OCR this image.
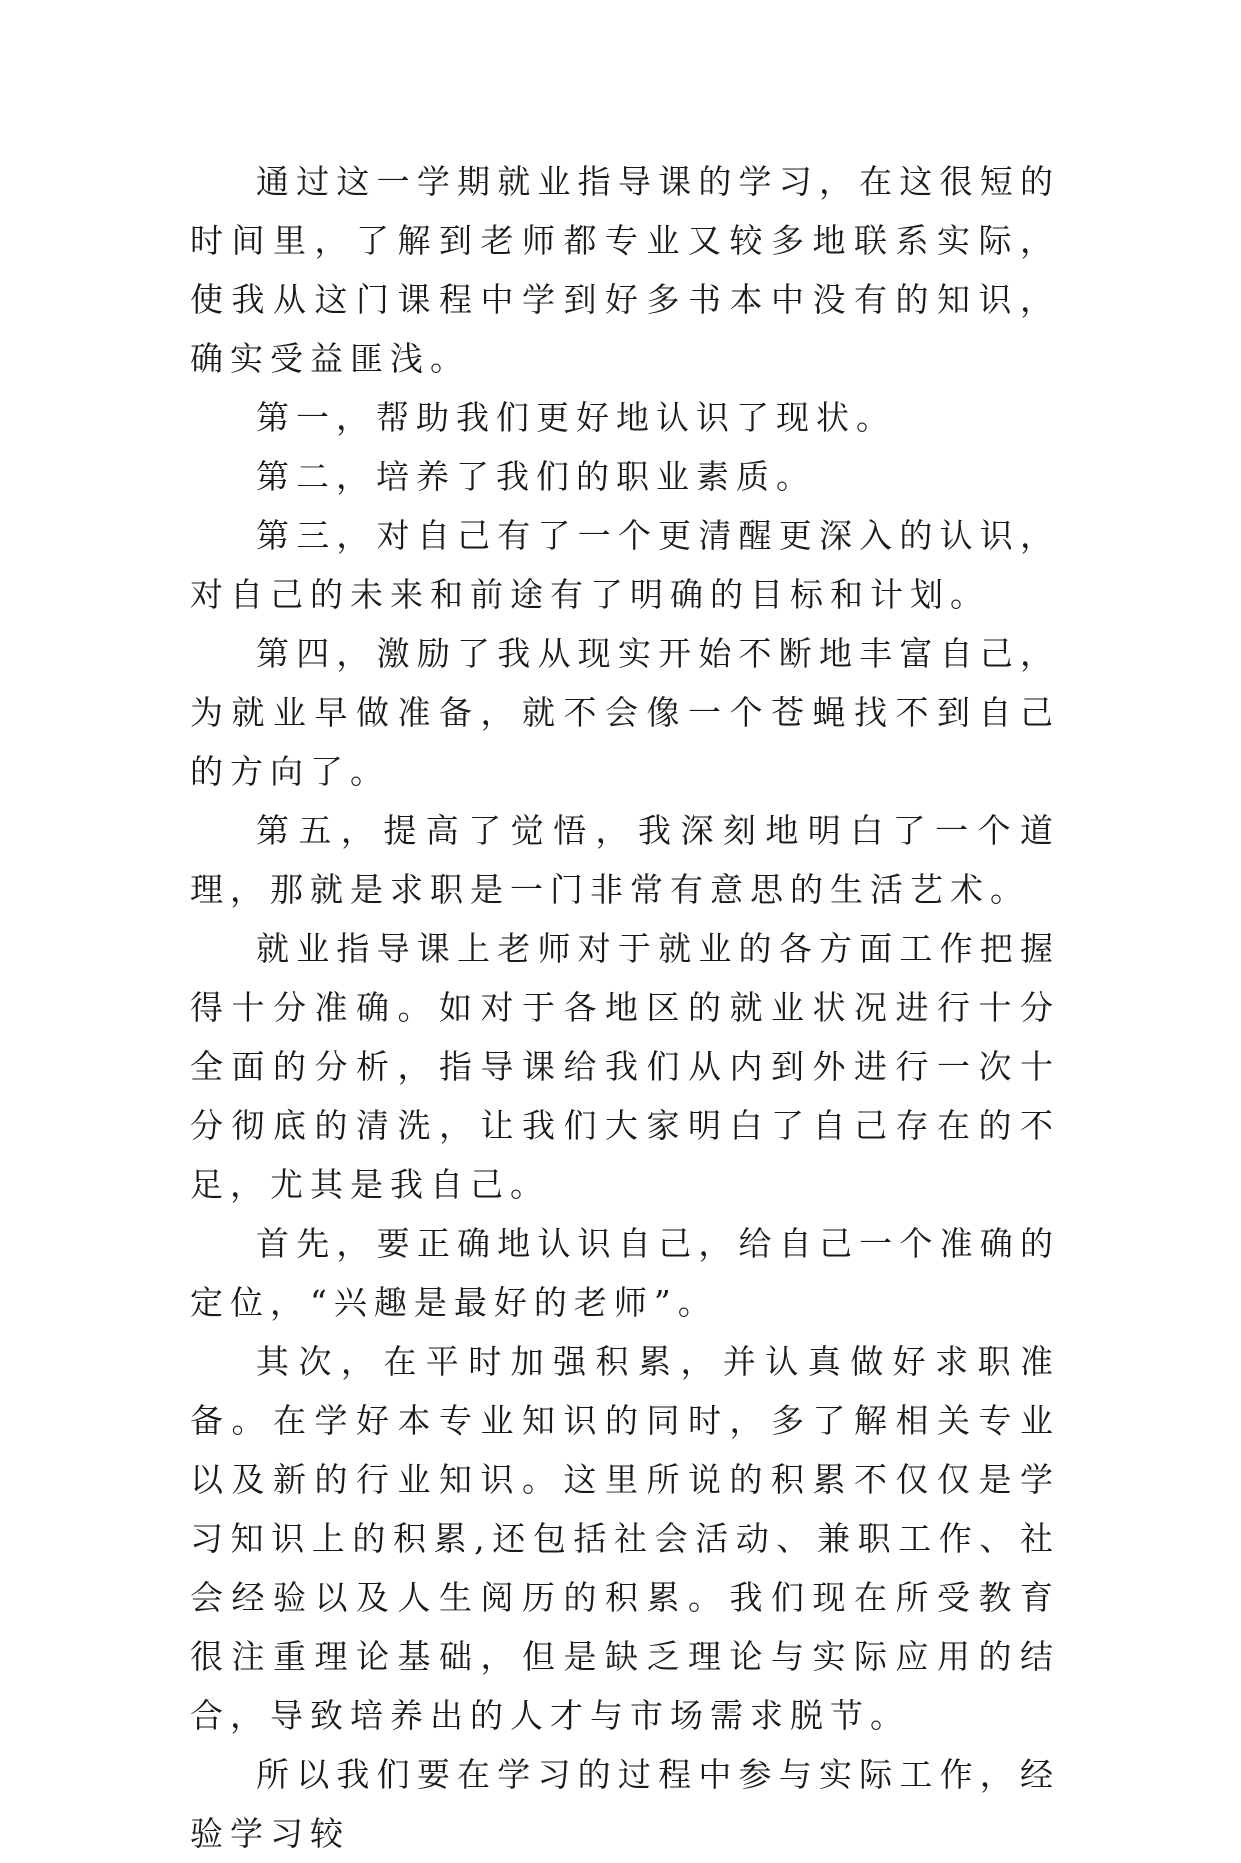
通过这一学期就业指导课的学习，在这很短的时间里，了解到老师都专业又较多地联系实际，使我从这门课程中学到好多书本中没有的知识，确实受益匪浅。

第一，帮助我们更好地认识了现状。

第二，培养了我们的职业素质。

第三，对自己有了一个更清醒更深入的认识，对自己的未来和前途有了明确的目标和计划。

第四，激励了我从现实开始不断地丰富自己，为就业早做准备，就不会像一个苍蝇找不到自己的方向了。

第五，提高了觉悟，我深刻地明白了一个道理，那就是求职是一门非常有意思的生活艺术。

就业指导课上老师对于就业的各方面工作把握得十分准确。如对于各地区的就业状况进行十分全面的分析，指导课给我们从内到外进行一次十分彻底的清洗，让我们大家明白了自己存在的不足，尤其是我自己。

首先，要正确地认识自己，给自己一个准确的定位，“兴趣是最好的老师”。

其次，在平时加强积累，并认真做好求职准备。在学好本专业知识的同时，多了解相关专业以及新的行业知识。这里所说的积累不仅仅是学习知识上的积累,还包括社会活动、兼职工作、社会经验以及人生阅历的积累。我们现在所受教育很注重理论基础，但是缺乏理论与实际应用的结合，导致培养出的人才与市场需求脱节。

所以我们要在学习的过程中参与实际工作，经验学习较
